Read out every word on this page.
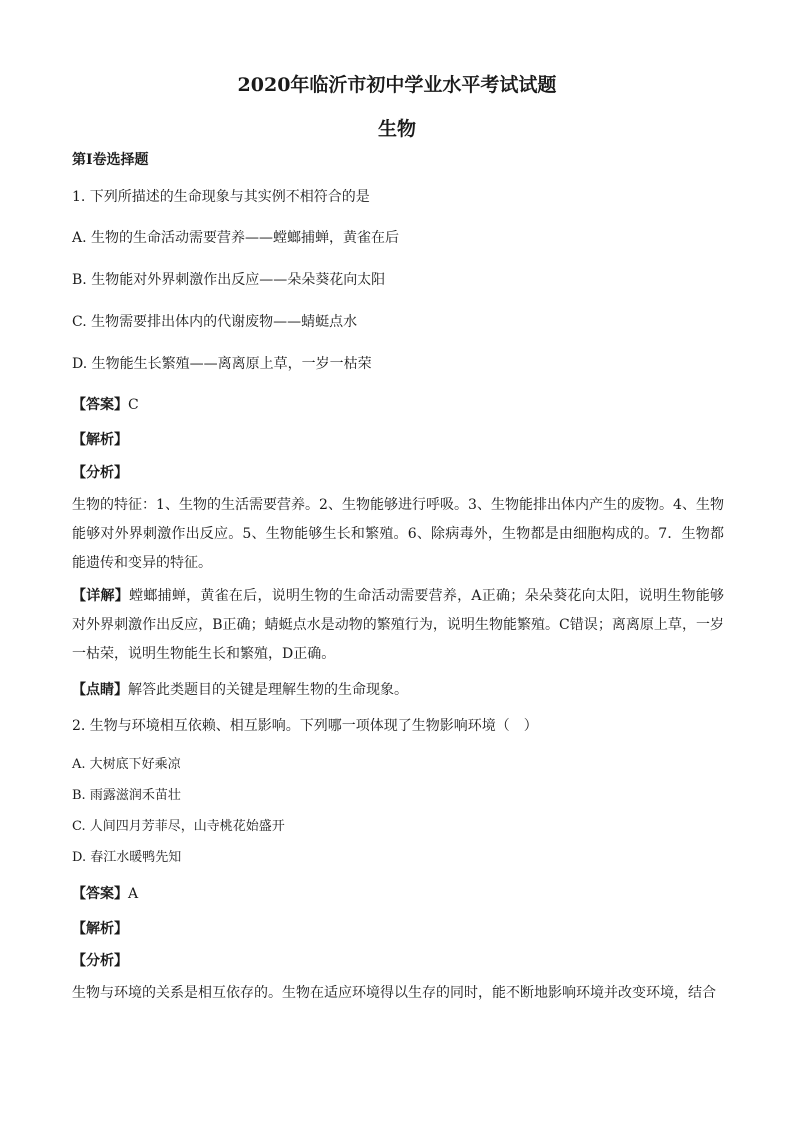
2020年临沂市初中学业水平考试试题
生物
第Ⅰ卷选择题
1. 下列所描述的生命现象与其实例不相符合的是
A. 生物的生命活动需要营养——螳螂捕蝉，黄雀在后
B. 生物能对外界刺激作出反应——朵朵葵花向太阳
C. 生物需要排出体内的代谢废物——蜻蜓点水
D. 生物能生长繁殖——离离原上草，一岁一枯荣
【答案】C
【解析】
【分析】
生物的特征：1、生物的生活需要营养。2、生物能够进行呼吸。3、生物能排出体内产生的废物。4、生物能够对外界刺激作出反应。5、生物能够生长和繁殖。6、除病毒外，生物都是由细胞构成的。7．生物都能遗传和变异的特征。
【详解】螳螂捕蝉，黄雀在后，说明生物的生命活动需要营养，A正确；朵朵葵花向太阳，说明生物能够对外界刺激作出反应，B正确；蜻蜓点水是动物的繁殖行为，说明生物能繁殖。C错误；离离原上草，一岁一枯荣，说明生物能生长和繁殖，D正确。
【点睛】解答此类题目的关键是理解生物的生命现象。
2. 生物与环境相互依赖、相互影响。下列哪一项体现了生物影响环境（　）
A. 大树底下好乘凉
B. 雨露滋润禾苗壮
C. 人间四月芳菲尽，山寺桃花始盛开
D. 春江水暖鸭先知
【答案】A
【解析】
【分析】
生物与环境的关系是相互依存的。生物在适应环境得以生存的同时，能不断地影响环境并改变环境，结合
